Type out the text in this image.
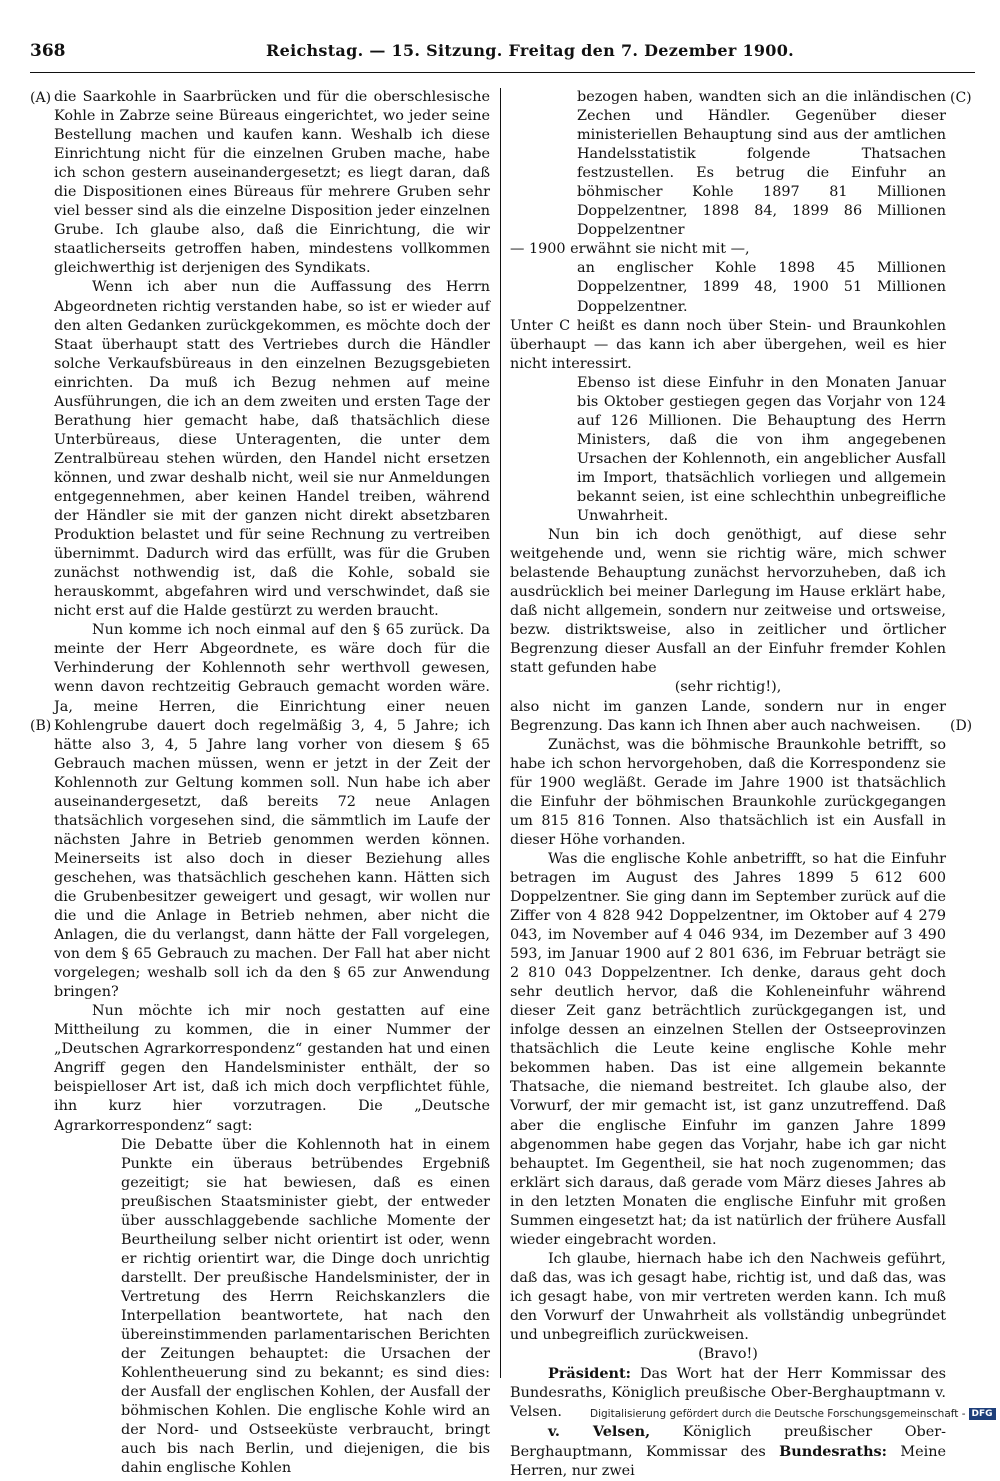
368	Reichstag. — 15. Sitzung. Freitag den 7. Dezember 1900.
(A)
(B)
(C)
(D)

die Saarkohle in Saarbrücken und für die oberschlesische Kohle in Zabrze seine Büreaus eingerichtet, wo jeder seine Bestellung machen und kaufen kann. Weshalb ich diese Einrichtung nicht für die einzelnen Gruben mache, habe ich schon gestern auseinandergesetzt; es liegt daran, daß die Dispositionen eines Büreaus für mehrere Gruben sehr viel besser sind als die einzelne Disposition jeder einzelnen Grube. Ich glaube also, daß die Einrichtung, die wir staatlicherseits getroffen haben, mindestens vollkommen gleichwerthig ist derjenigen des Syndikats.

Wenn ich aber nun die Auffassung des Herrn Abgeordneten richtig verstanden habe, so ist er wieder auf den alten Gedanken zurückgekommen, es möchte doch der Staat überhaupt statt des Vertriebes durch die Händler solche Verkaufsbüreaus in den einzelnen Bezugsgebieten einrichten. Da muß ich Bezug nehmen auf meine Ausführungen, die ich an dem zweiten und ersten Tage der Berathung hier gemacht habe, daß thatsächlich diese Unterbüreaus, diese Unteragenten, die unter dem Zentralbüreau stehen würden, den Handel nicht ersetzen können, und zwar deshalb nicht, weil sie nur Anmeldungen entgegennehmen, aber keinen Handel treiben, während der Händler sie mit der ganzen nicht direkt absetzbaren Produktion belastet und für seine Rechnung zu vertreiben übernimmt. Dadurch wird das erfüllt, was für die Gruben zunächst nothwendig ist, daß die Kohle, sobald sie herauskommt, abgefahren wird und verschwindet, daß sie nicht erst auf die Halde gestürzt zu werden braucht.

Nun komme ich noch einmal auf den § 65 zurück. Da meinte der Herr Abgeordnete, es wäre doch für die Verhinderung der Kohlennoth sehr werthvoll gewesen, wenn davon rechtzeitig Gebrauch gemacht worden wäre. Ja, meine Herren, die Einrichtung einer neuen Kohlengrube dauert doch regelmäßig 3, 4, 5 Jahre; ich hätte also 3, 4, 5 Jahre lang vorher von diesem § 65 Gebrauch machen müssen, wenn er jetzt in der Zeit der Kohlennoth zur Geltung kommen soll. Nun habe ich aber auseinandergesetzt, daß bereits 72 neue Anlagen thatsächlich vorgesehen sind, die sämmtlich im Laufe der nächsten Jahre in Betrieb genommen werden können. Meinerseits ist also doch in dieser Beziehung alles geschehen, was thatsächlich geschehen kann. Hätten sich die Grubenbesitzer geweigert und gesagt, wir wollen nur die und die Anlage in Betrieb nehmen, aber nicht die Anlagen, die du verlangst, dann hätte der Fall vorgelegen, von dem § 65 Gebrauch zu machen. Der Fall hat aber nicht vorgelegen; weshalb soll ich da den § 65 zur Anwendung bringen?

Nun möchte ich mir noch gestatten auf eine Mittheilung zu kommen, die in einer Nummer der „Deutschen Agrarkorrespondenz“ gestanden hat und einen Angriff gegen den Handelsminister enthält, der so beispielloser Art ist, daß ich mich doch verpflichtet fühle, ihn kurz hier vorzutragen. Die „Deutsche Agrarkorrespondenz“ sagt:

Die Debatte über die Kohlennoth hat in einem Punkte ein überaus betrübendes Ergebniß gezeitigt; sie hat bewiesen, daß es einen preußischen Staatsminister giebt, der entweder über ausschlaggebende sachliche Momente der Beurtheilung selber nicht orientirt ist oder, wenn er richtig orientirt war, die Dinge doch unrichtig darstellt. Der preußische Handelsminister, der in Vertretung des Herrn Reichskanzlers die Interpellation beantwortete, hat nach den übereinstimmenden parlamentarischen Berichten der Zeitungen behauptet: die Ursachen der Kohlentheuerung sind zu bekannt; es sind dies: der Ausfall der englischen Kohlen, der Ausfall der böhmischen Kohlen. Die englische Kohle wird an der Nord- und Ostseeküste verbraucht, bringt auch bis nach Berlin, und diejenigen, die bis dahin englische Kohlen

bezogen haben, wandten sich an die inländischen Zechen und Händler. Gegenüber dieser ministeriellen Behauptung sind aus der amtlichen Handelsstatistik folgende Thatsachen festzustellen. Es betrug die Einfuhr an böhmischer Kohle 1897 81 Millionen Doppelzentner, 1898 84, 1899 86 Millionen Doppelzentner

— 1900 erwähnt sie nicht mit —,

an englischer Kohle 1898 45 Millionen Doppelzentner, 1899 48, 1900 51 Millionen Doppelzentner.

Unter C heißt es dann noch über Stein- und Braunkohlen überhaupt — das kann ich aber übergehen, weil es hier nicht interessirt.

Ebenso ist diese Einfuhr in den Monaten Januar bis Oktober gestiegen gegen das Vorjahr von 124 auf 126 Millionen. Die Behauptung des Herrn Ministers, daß die von ihm angegebenen Ursachen der Kohlennoth, ein angeblicher Ausfall im Import, thatsächlich vorliegen und allgemein bekannt seien, ist eine schlechthin unbegreifliche Unwahrheit.

Nun bin ich doch genöthigt, auf diese sehr weitgehende und, wenn sie richtig wäre, mich schwer belastende Behauptung zunächst hervorzuheben, daß ich ausdrücklich bei meiner Darlegung im Hause erklärt habe, daß nicht allgemein, sondern nur zeitweise und ortsweise, bezw. distriktsweise, also in zeitlicher und örtlicher Begrenzung dieser Ausfall an der Einfuhr fremder Kohlen statt gefunden habe

(sehr richtig!),

also nicht im ganzen Lande, sondern nur in enger Begrenzung. Das kann ich Ihnen aber auch nachweisen.

Zunächst, was die böhmische Braunkohle betrifft, so habe ich schon hervorgehoben, daß die Korrespondenz sie für 1900 wegläßt. Gerade im Jahre 1900 ist thatsächlich die Einfuhr der böhmischen Braunkohle zurückgegangen um 815 816 Tonnen. Also thatsächlich ist ein Ausfall in dieser Höhe vorhanden.

Was die englische Kohle anbetrifft, so hat die Einfuhr betragen im August des Jahres 1899 5 612 600 Doppelzentner. Sie ging dann im September zurück auf die Ziffer von 4 828 942 Doppelzentner, im Oktober auf 4 279 043, im November auf 4 046 934, im Dezember auf 3 490 593, im Januar 1900 auf 2 801 636, im Februar beträgt sie 2 810 043 Doppelzentner. Ich denke, daraus geht doch sehr deutlich hervor, daß die Kohleneinfuhr während dieser Zeit ganz beträchtlich zurückgegangen ist, und infolge dessen an einzelnen Stellen der Ostseeprovinzen thatsächlich die Leute keine englische Kohle mehr bekommen haben. Das ist eine allgemein bekannte Thatsache, die niemand bestreitet. Ich glaube also, der Vorwurf, der mir gemacht ist, ist ganz unzutreffend. Daß aber die englische Einfuhr im ganzen Jahre 1899 abgenommen habe gegen das Vorjahr, habe ich gar nicht behauptet. Im Gegentheil, sie hat noch zugenommen; das erklärt sich daraus, daß gerade vom März dieses Jahres ab in den letzten Monaten die englische Einfuhr mit großen Summen eingesetzt hat; da ist natürlich der frühere Ausfall wieder eingebracht worden.

Ich glaube, hiernach habe ich den Nachweis geführt, daß das, was ich gesagt habe, richtig ist, und daß das, was ich gesagt habe, von mir vertreten werden kann. Ich muß den Vorwurf der Unwahrheit als vollständig unbegründet und unbegreiflich zurückweisen.

(Bravo!)

Präsident: Das Wort hat der Herr Kommissar des Bundesraths, Königlich preußische Ober-Berghauptmann v. Velsen.

v. Velsen, Königlich preußischer Ober-Berghauptmann, Kommissar des Bundesraths: Meine Herren, nur zwei

Digitalisierung gefördert durch die Deutsche Forschungsgemeinschaft - DFG
